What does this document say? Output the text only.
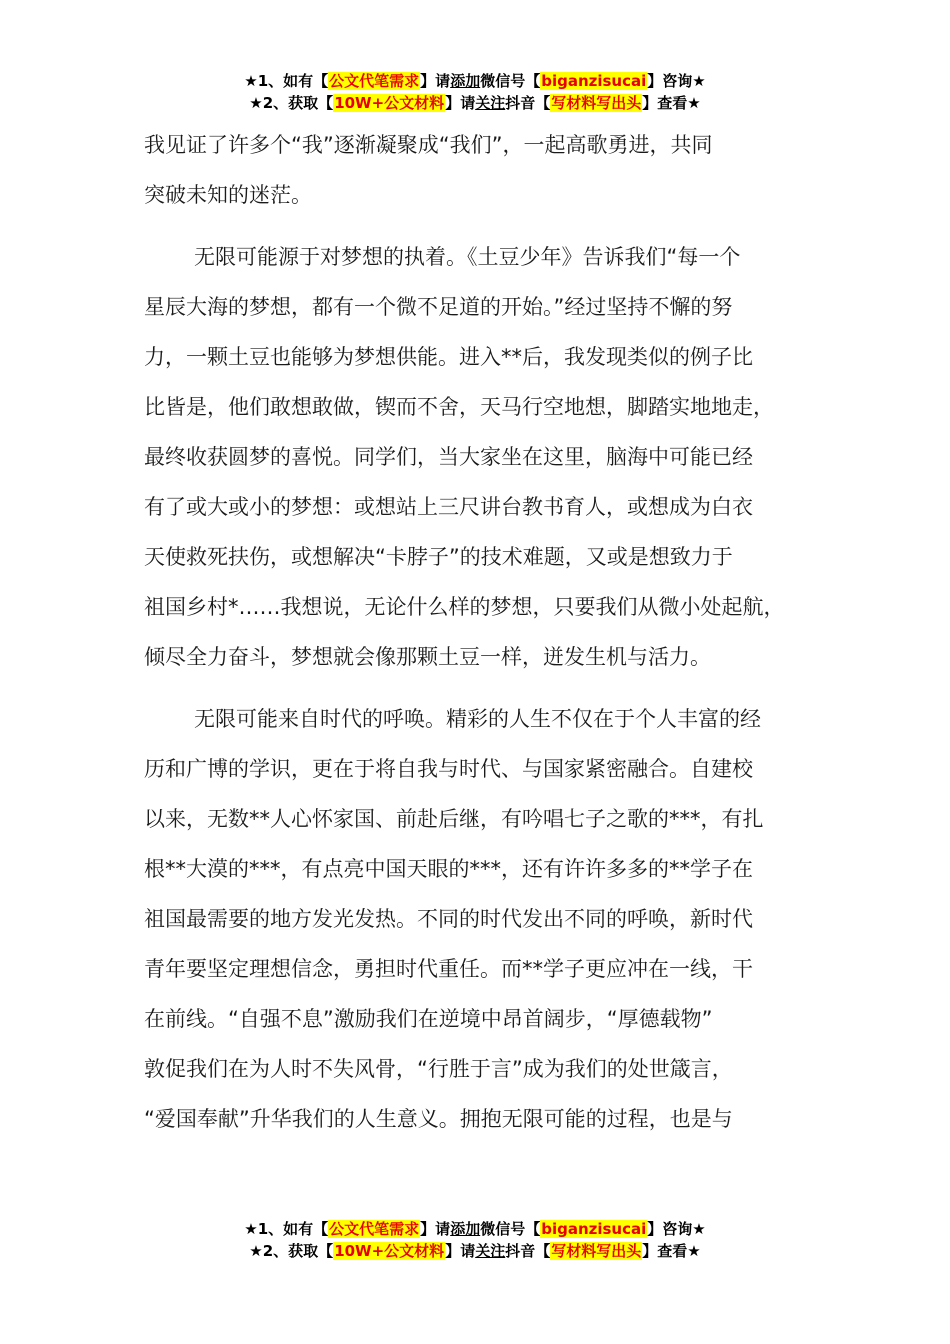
★1、如有【公文代笔需求】请添加微信号【biganzisucai】咨询★
★2、获取【10W+公文材料】请关注抖音【写材料写出头】查看★
我见证了许多个“我”逐渐凝聚成“我们”，一起高歌勇进，共同
突破未知的迷茫。
无限可能源于对梦想的执着。《土豆少年》告诉我们“每一个
星辰大海的梦想，都有一个微不足道的开始。”经过坚持不懈的努
力，一颗土豆也能够为梦想供能。进入**后，我发现类似的例子比
比皆是，他们敢想敢做，锲而不舍，天马行空地想，脚踏实地地走，
最终收获圆梦的喜悦。同学们，当大家坐在这里，脑海中可能已经
有了或大或小的梦想：或想站上三尺讲台教书育人，或想成为白衣
天使救死扶伤，或想解决“卡脖子”的技术难题，又或是想致力于
祖国乡村*……我想说，无论什么样的梦想，只要我们从微小处起航，
倾尽全力奋斗，梦想就会像那颗土豆一样，迸发生机与活力。
无限可能来自时代的呼唤。精彩的人生不仅在于个人丰富的经
历和广博的学识，更在于将自我与时代、与国家紧密融合。自建校
以来，无数**人心怀家国、前赴后继，有吟唱七子之歌的***，有扎
根**大漠的***，有点亮中国天眼的***，还有许许多多的**学子在
祖国最需要的地方发光发热。不同的时代发出不同的呼唤，新时代
青年要坚定理想信念，勇担时代重任。而**学子更应冲在一线，干
在前线。“自强不息”激励我们在逆境中昂首阔步，“厚德载物”
敦促我们在为人时不失风骨，“行胜于言”成为我们的处世箴言，
“爱国奉献”升华我们的人生意义。拥抱无限可能的过程，也是与
★1、如有【公文代笔需求】请添加微信号【biganzisucai】咨询★
★2、获取【10W+公文材料】请关注抖音【写材料写出头】查看★
